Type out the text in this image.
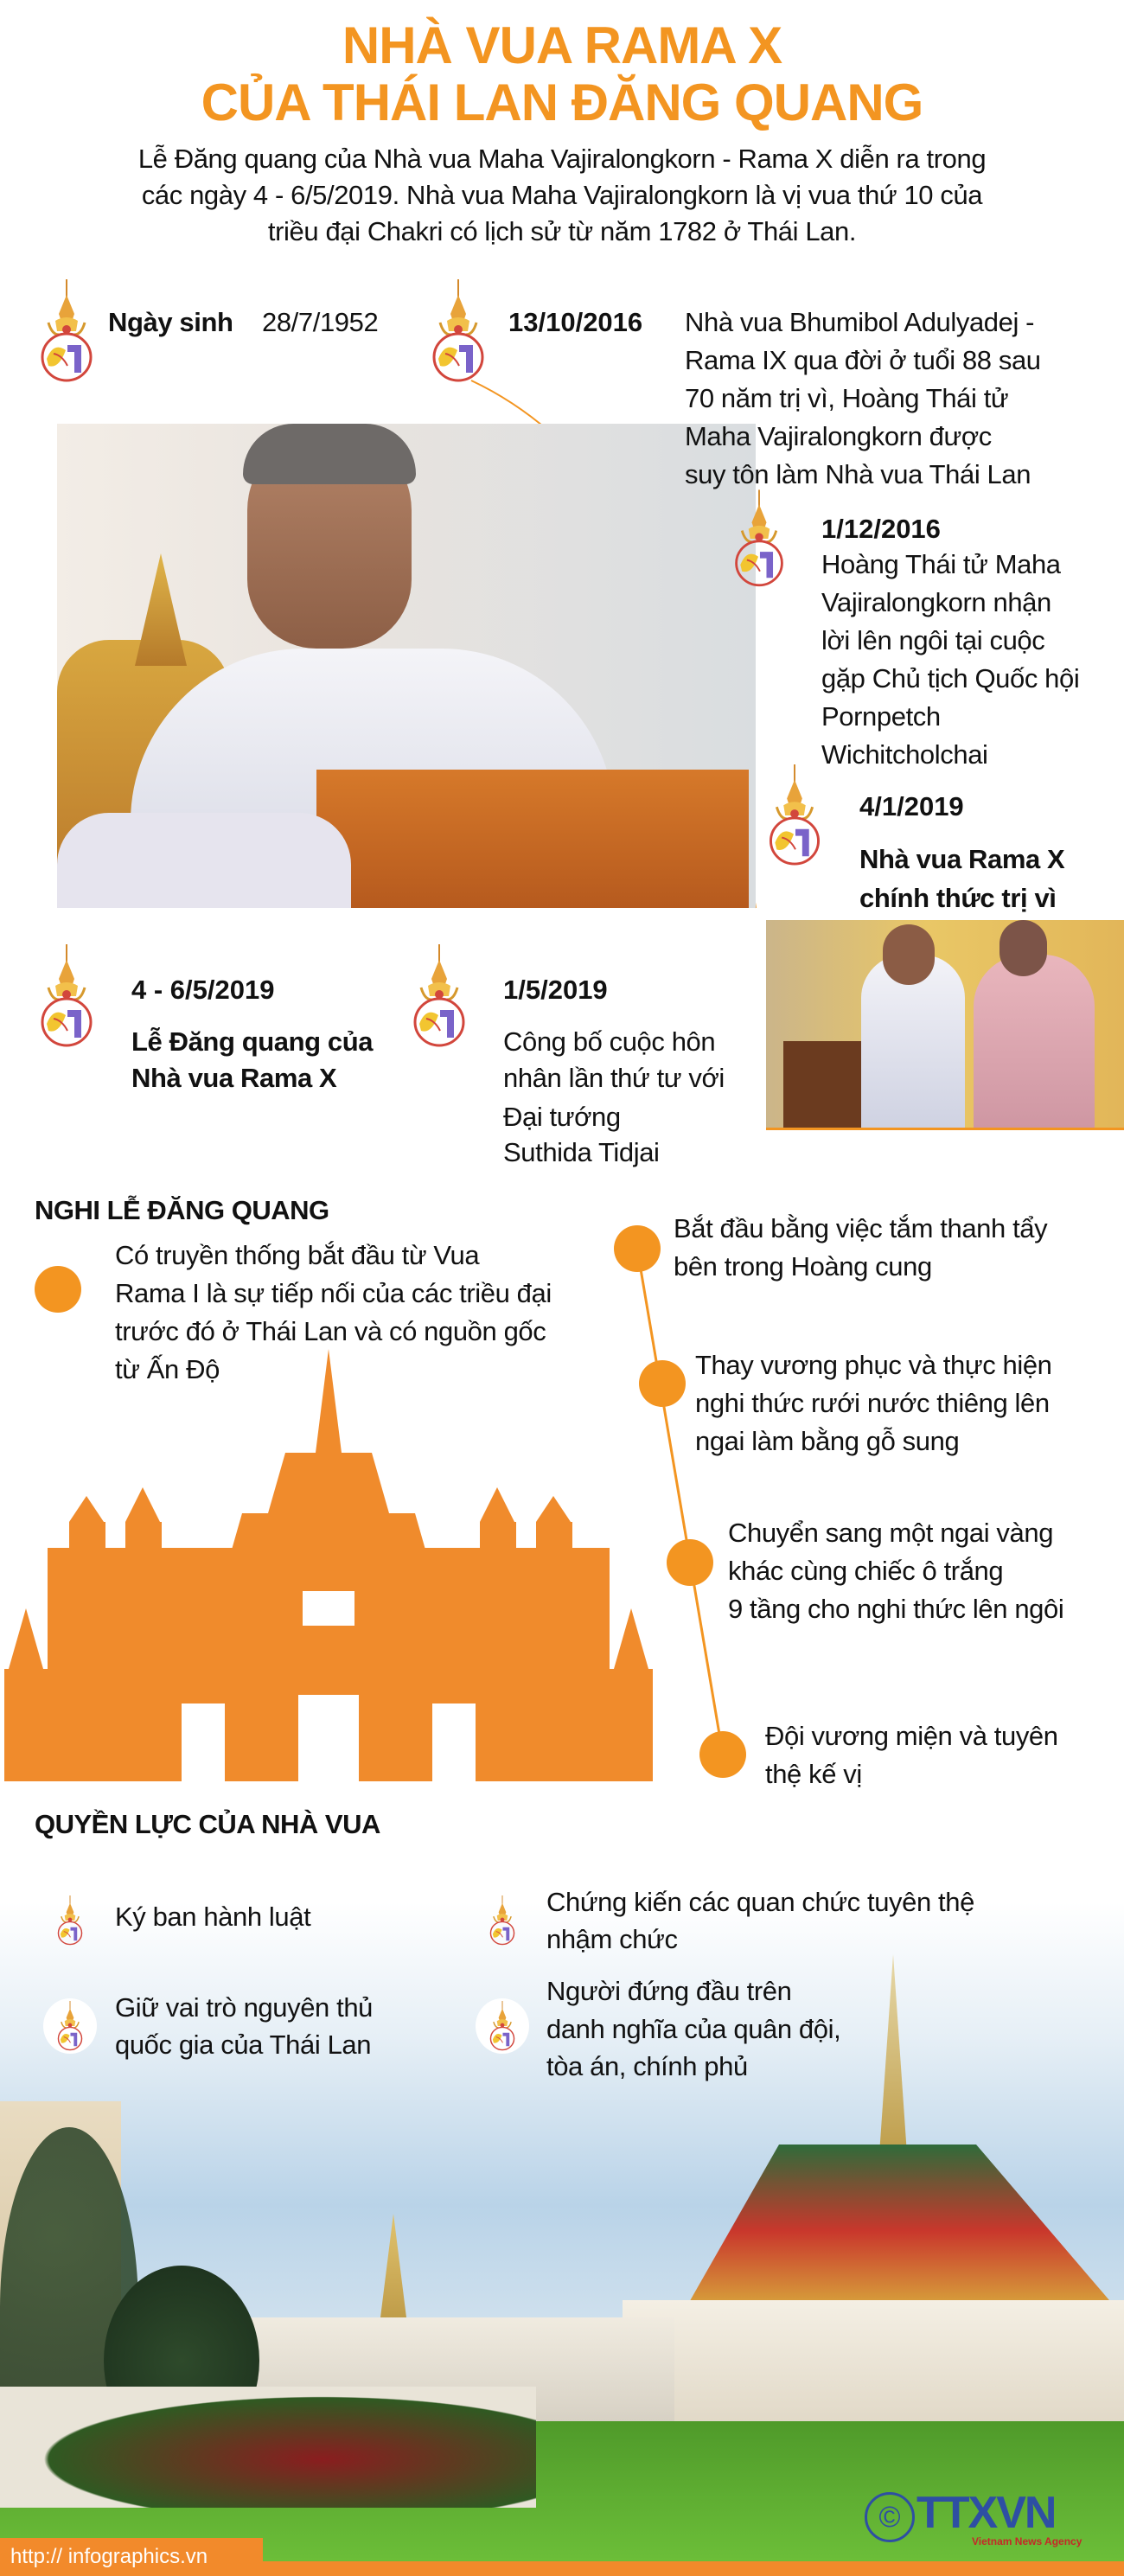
NHÀ VUA RAMA X
CỦA THÁI LAN ĐĂNG QUANG
Lễ Đăng quang của Nhà vua Maha Vajiralongkorn - Rama X diễn ra trong
các ngày 4 - 6/5/2019. Nhà vua Maha Vajiralongkorn là vị vua thứ 10 của
triều đại Chakri có lịch sử từ năm 1782 ở Thái Lan.
Ngày sinh 28/7/1952	13/10/2016 Nhà vua Bhumibol Adulyadej -
Rama IX qua đời ở tuổi 88 sau
70 năm trị vì, Hoàng Thái tử
Maha Vajiralongkorn được
suy tôn làm Nhà vua Thái Lan
1/12/2016
Hoàng Thái tử Maha
Vajiralongkorn nhận
lời lên ngôi tại cuộc
gặp Chủ tịch Quốc hội
Pornpetch
Wichitcholchai
4/1/2019
Nhà vua Rama X
chính thức trị vì
4 - 6/5/2019
Lễ Đăng quang của
Nhà vua Rama X
1/5/2019
Công bố cuộc hôn
nhân lần thứ tư với
Đại tướng
Suthida Tidjai
NGHI LỄ ĐĂNG QUANG
Có truyền thống bắt đầu từ Vua
Rama I là sự tiếp nối của các triều đại
trước đó ở Thái Lan và có nguồn gốc
từ Ấn Độ
Bắt đầu bằng việc tắm thanh tẩy
bên trong Hoàng cung
Thay vương phục và thực hiện
nghi thức rưới nước thiêng lên
ngai làm bằng gỗ sung
Chuyển sang một ngai vàng
khác cùng chiếc ô trắng
9 tầng cho nghi thức lên ngôi
Đội vương miện và tuyên
thệ kế vị
QUYỀN LỰC CỦA NHÀ VUA
Ký ban hành luật	Chứng kiến các quan chức tuyên thệ
nhậm chức
Giữ vai trò nguyên thủ
quốc gia của Thái Lan
Người đứng đầu trên
danh nghĩa của quân đội,
tòa án, chính phủ
© TTXVN
Vietnam News Agency
http:// infographics.vn
